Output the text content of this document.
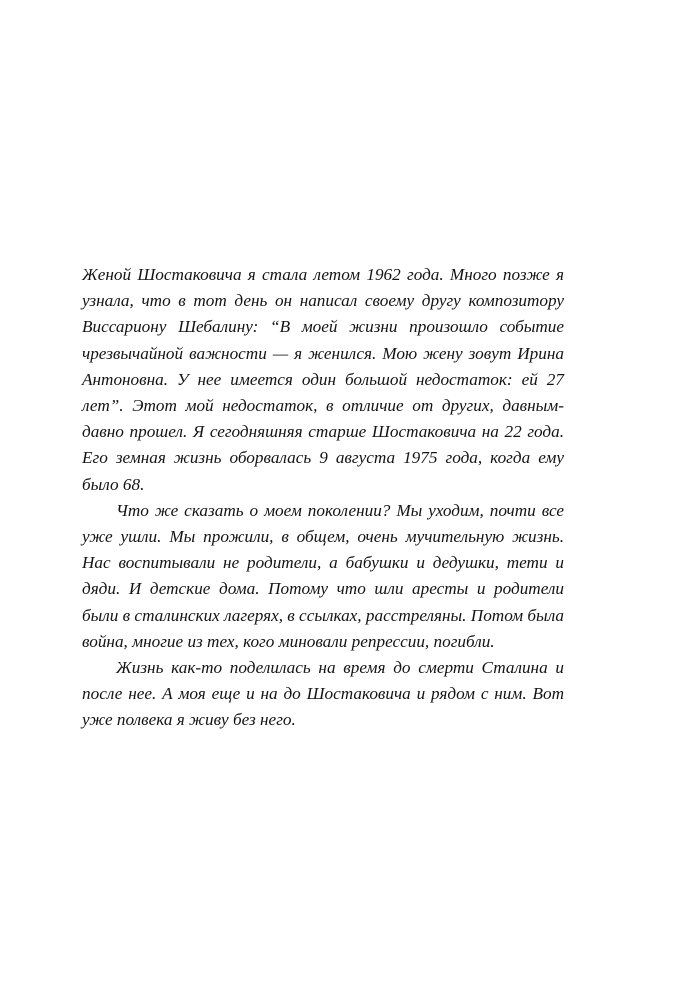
Женой Шостаковича я стала летом 1962 года. Много позже я узнала, что в тот день он написал своему другу композитору Виссариону Шебалину: “В моей жизни произошло событие чрезвычайной важности — я женился. Мою жену зовут Ирина Антоновна. У нее имеется один большой недостаток: ей 27 лет”. Этот мой недостаток, в отличие от других, давным-давно прошел. Я сегодняшняя старше Шостаковича на 22 года. Его земная жизнь оборвалась 9 августа 1975 года, когда ему было 68.

Что же сказать о моем поколении? Мы уходим, почти все уже ушли. Мы прожили, в общем, очень мучительную жизнь. Нас воспитывали не родители, а бабушки и дедушки, тети и дяди. И детские дома. Потому что шли аресты и родители были в сталинских лагерях, в ссылках, расстреляны. Потом была война, многие из тех, кого миновали репрессии, погибли.

Жизнь как-то поделилась на время до смерти Сталина и после нее. А моя еще и на до Шостаковича и рядом с ним. Вот уже полвека я живу без него.
